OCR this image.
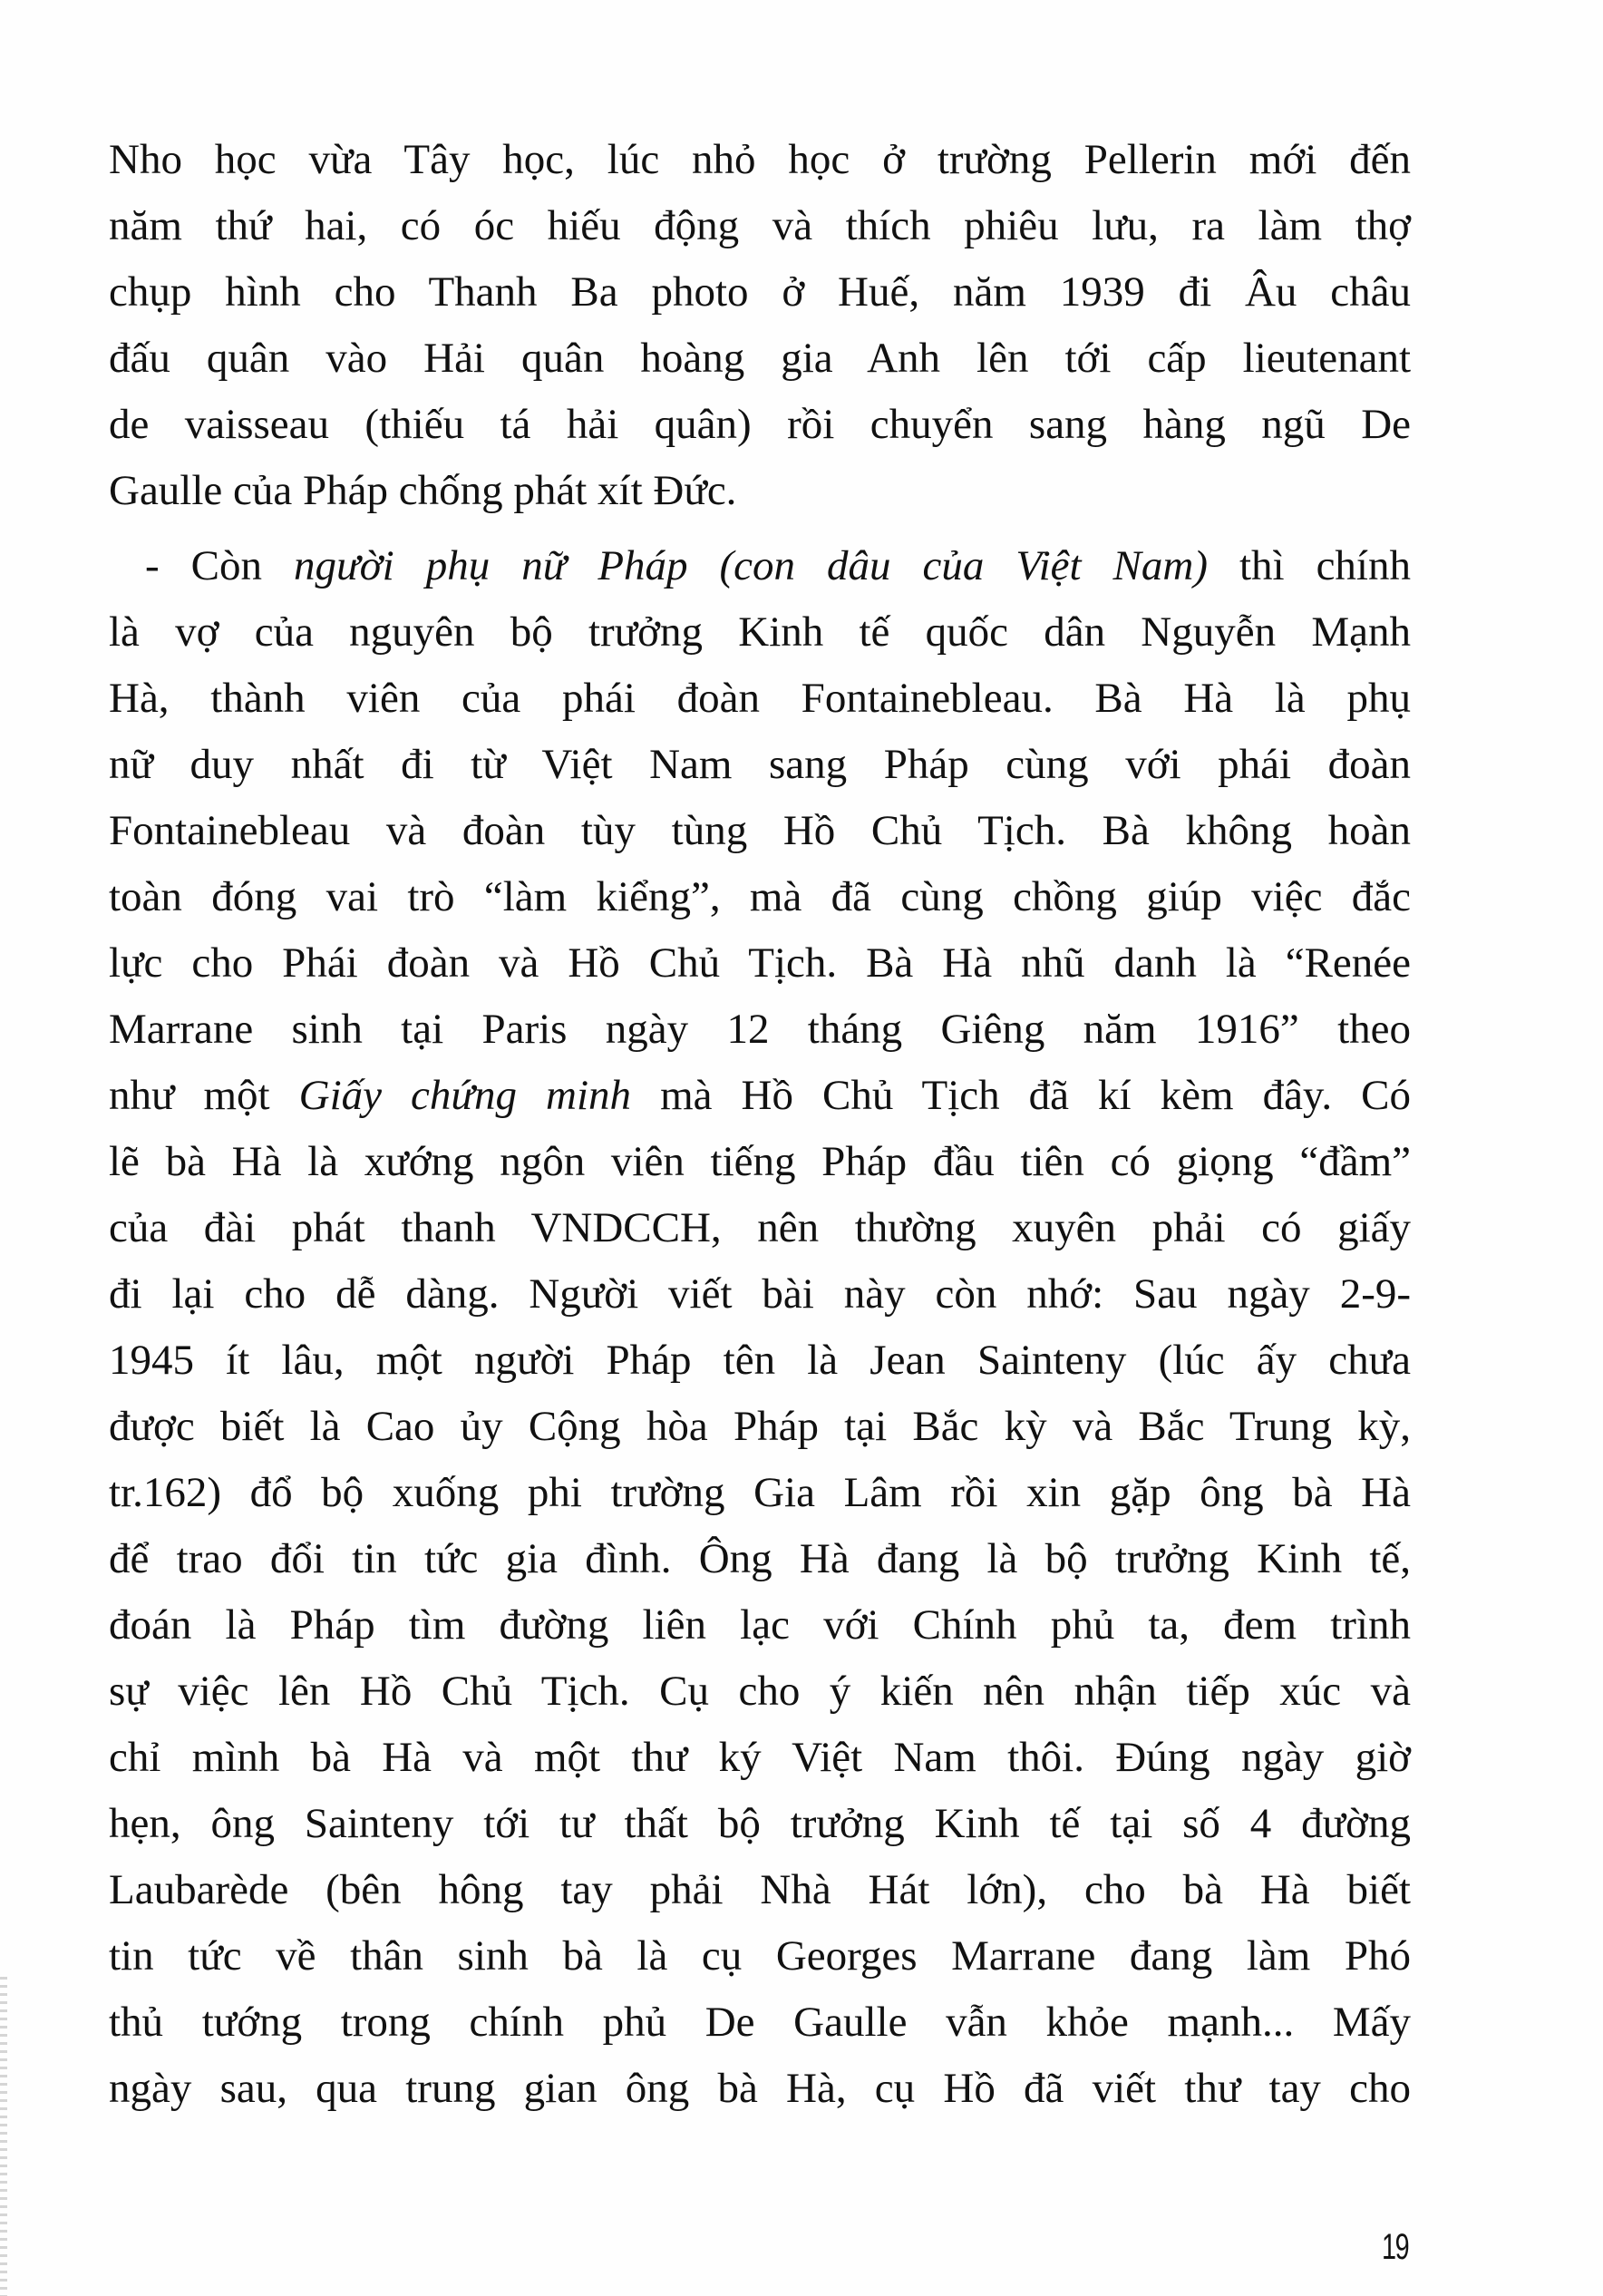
Nho học vừa Tây học, lúc nhỏ học ở trường Pellerin mới đến
năm thứ hai, có óc hiếu động và thích phiêu lưu, ra làm thợ
chụp hình cho Thanh Ba photo ở Huế, năm 1939 đi Âu châu
đấu quân vào Hải quân hoàng gia Anh lên tới cấp lieutenant
de vaisseau (thiếu tá hải quân) rồi chuyển sang hàng ngũ De
Gaulle của Pháp chống phát xít Đức.

- Còn người phụ nữ Pháp (con dâu của Việt Nam) thì chính
là vợ của nguyên bộ trưởng Kinh tế quốc dân Nguyễn Mạnh
Hà, thành viên của phái đoàn Fontainebleau. Bà Hà là phụ
nữ duy nhất đi từ Việt Nam sang Pháp cùng với phái đoàn
Fontainebleau và đoàn tùy tùng Hồ Chủ Tịch. Bà không hoàn
toàn đóng vai trò “làm kiểng”, mà đã cùng chồng giúp việc đắc
lực cho Phái đoàn và Hồ Chủ Tịch. Bà Hà nhũ danh là “Renée
Marrane sinh tại Paris ngày 12 tháng Giêng năm 1916” theo
như một Giấy chứng minh mà Hồ Chủ Tịch đã kí kèm đây. Có
lẽ bà Hà là xướng ngôn viên tiếng Pháp đầu tiên có giọng “đầm”
của đài phát thanh VNDCCH, nên thường xuyên phải có giấy
đi lại cho dễ dàng. Người viết bài này còn nhớ: Sau ngày 2-9-
1945 ít lâu, một người Pháp tên là Jean Sainteny (lúc ấy chưa
được biết là Cao ủy Cộng hòa Pháp tại Bắc kỳ và Bắc Trung kỳ,
tr.162) đổ bộ xuống phi trường Gia Lâm rồi xin gặp ông bà Hà
để trao đổi tin tức gia đình. Ông Hà đang là bộ trưởng Kinh tế,
đoán là Pháp tìm đường liên lạc với Chính phủ ta, đem trình
sự việc lên Hồ Chủ Tịch. Cụ cho ý kiến nên nhận tiếp xúc và
chỉ mình bà Hà và một thư ký Việt Nam thôi. Đúng ngày giờ
hẹn, ông Sainteny tới tư thất bộ trưởng Kinh tế tại số 4 đường
Laubarède (bên hông tay phải Nhà Hát lớn), cho bà Hà biết
tin tức về thân sinh bà là cụ Georges Marrane đang làm Phó
thủ tướng trong chính phủ De Gaulle vẫn khỏe mạnh... Mấy
ngày sau, qua trung gian ông bà Hà, cụ Hồ đã viết thư tay cho

19
